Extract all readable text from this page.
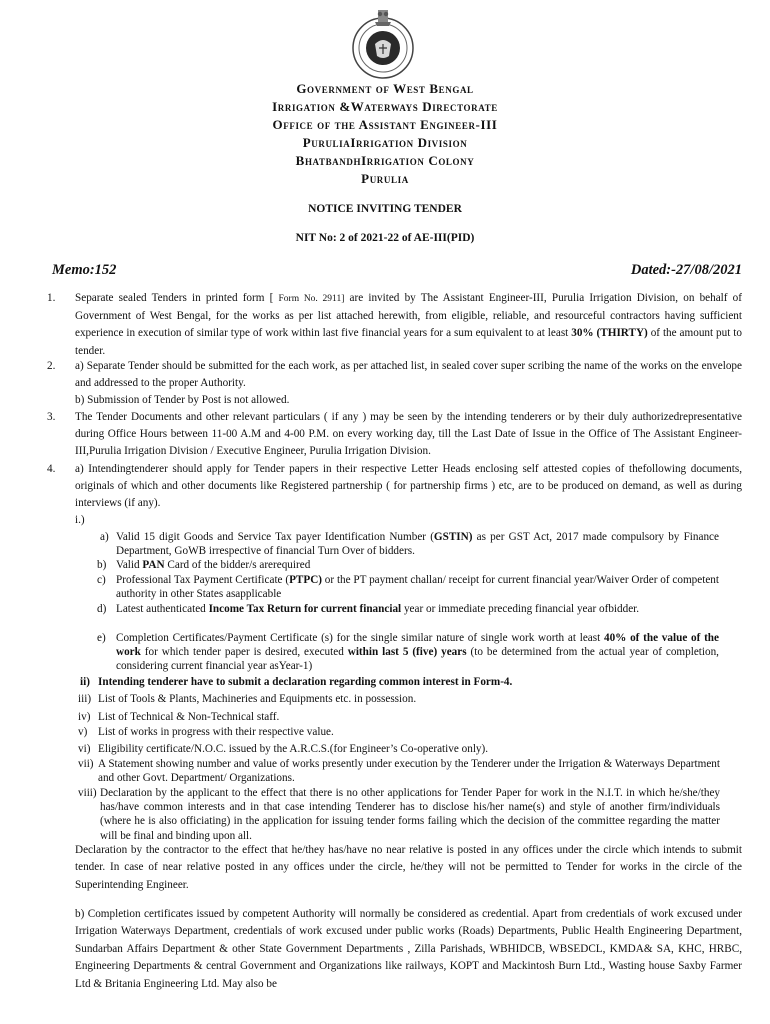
Government of West Bengal
Irrigation &Waterways Directorate
Office of the Assistant Engineer-III
PuruliaIrrigation Division
BhatbandhIrrigation Colony
Purulia
NOTICE INVITING TENDER
NIT No: 2 of 2021-22 of AE-III(PID)
Memo:152	Dated:-27/08/2021
1. Separate sealed Tenders in printed form [ Form No. 2911] are invited by The Assistant Engineer-III, Purulia Irrigation Division, on behalf of Government of West Bengal, for the works as per list attached herewith, from eligible, reliable, and resourceful contractors having sufficient experience in execution of similar type of work within last five financial years for a sum equivalent to at least 30% (THIRTY) of the amount put to tender.
2. a) Separate Tender should be submitted for the each work, as per attached list, in sealed cover super scribing the name of the works on the envelope and addressed to the proper Authority.
b) Submission of Tender by Post is not allowed.
3. The Tender Documents and other relevant particulars ( if any ) may be seen by the intending tenderers or by their duly authorizedrepresentative during Office Hours between 11-00 A.M and 4-00 P.M. on every working day, till the Last Date of Issue in the Office of The Assistant Engineer-III,Purulia Irrigation Division / Executive Engineer, Purulia Irrigation Division.
4. a) Intendingtenderer should apply for Tender papers in their respective Letter Heads enclosing self attested copies of thefollowing documents, originals of which and other documents like Registered partnership ( for partnership firms ) etc, are to be produced on demand, as well as during interviews (if any).
i.)
a) Valid 15 digit Goods and Service Tax payer Identification Number (GSTIN) as per GST Act, 2017 made compulsory by Finance Department, GoWB irrespective of financial Turn Over of bidders.
b) Valid PAN Card of the bidder/s arerequired
c) Professional Tax Payment Certificate (PTPC) or the PT payment challan/ receipt for current financial year/Waiver Order of competent authority in other States asapplicable
d) Latest authenticated Income Tax Return for current financial year or immediate preceding financial year ofbidder.
e) Completion Certificates/Payment Certificate (s) for the single similar nature of single work worth at least 40% of the value of the work for which tender paper is desired, executed within last 5 (five) years (to be determined from the actual year of completion, considering current financial year asYear-1)
ii) Intending tenderer have to submit a declaration regarding common interest in Form-4.
iii) List of Tools & Plants, Machineries and Equipments etc. in possession.
iv) List of Technical & Non-Technical staff.
v) List of works in progress with their respective value.
vi) Eligibility certificate/N.O.C. issued by the A.R.C.S.(for Engineer’s Co-operative only).
vii) A Statement showing number and value of works presently under execution by the Tenderer under the Irrigation & Waterways Department and other Govt. Department/ Organizations.
viii) Declaration by the applicant to the effect that there is no other applications for Tender Paper for work in the N.I.T. in which he/she/they has/have common interests and in that case intending Tenderer has to disclose his/her name(s) and style of another firm/individuals (where he is also officiating) in the application for issuing tender forms failing which the decision of the committee regarding the matter will be final and binding upon all.
Declaration by the contractor to the effect that he/they has/have no near relative is posted in any offices under the circle which intends to submit tender. In case of near relative posted in any offices under the circle, he/they will not be permitted to Tender for works in the circle of the Superintending Engineer.
b) Completion certificates issued by competent Authority will normally be considered as credential. Apart from credentials of work excused under Irrigation Waterways Department, credentials of work excused under public works (Roads) Departments, Public Health Engineering Department, Sundarban Affairs Department & other State Government Departments , Zilla Parishads, WBHIDCB, WBSEDCL, KMDA& SA, KHC, HRBC, Engineering Departments & central Government and Organizations like railways, KOPT and Mackintosh Burn Ltd., Wasting house Saxby Farmer Ltd & Britania Engineering Ltd. May also be
